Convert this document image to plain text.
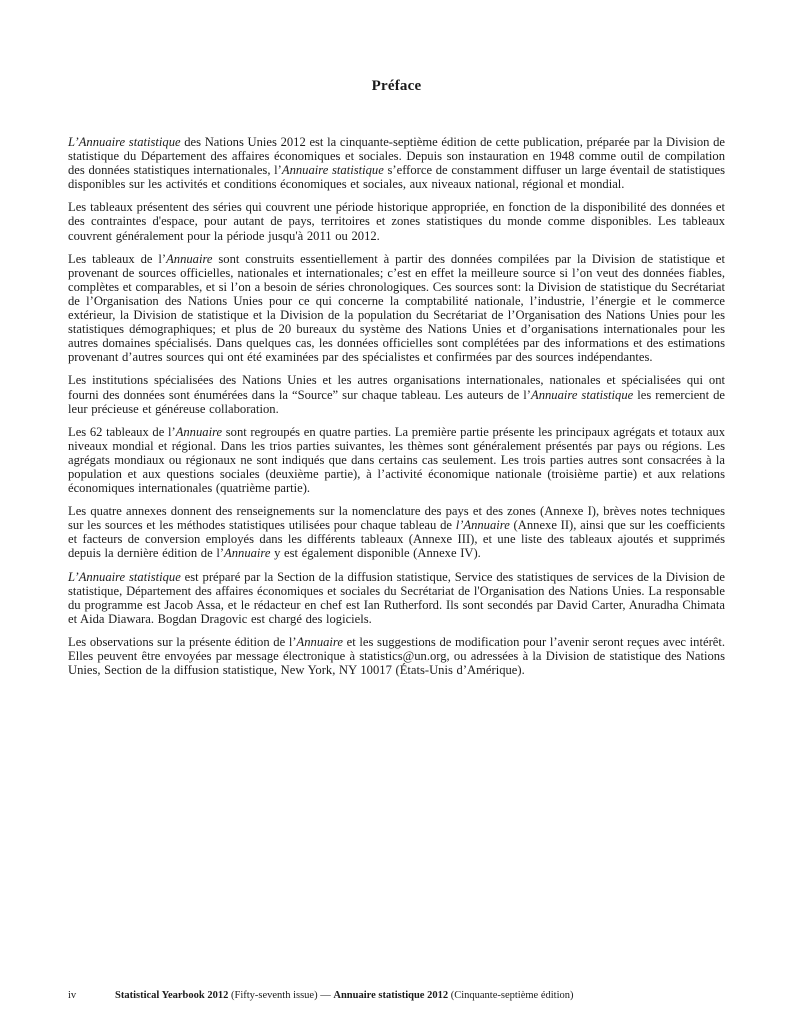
Préface

L’Annuaire statistique des Nations Unies 2012 est la cinquante-septième édition de cette publication, préparée par la Division de statistique du Département des affaires économiques et sociales. Depuis son instauration en 1948 comme outil de compilation des données statistiques internationales, l’Annuaire statistique s’efforce de constamment diffuser un large éventail de statistiques disponibles sur les activités et conditions économiques et sociales, aux niveaux national, régional et mondial.

Les tableaux présentent des séries qui couvrent une période historique appropriée, en fonction de la disponibilité des données et des contraintes d'espace, pour autant de pays, territoires et zones statistiques du monde comme disponibles. Les tableaux couvrent généralement pour la période jusqu'à 2011 ou 2012.

Les tableaux de l’Annuaire sont construits essentiellement à partir des données compilées par la Division de statistique et provenant de sources officielles, nationales et internationales; c’est en effet la meilleure source si l’on veut des données fiables, complètes et comparables, et si l’on a besoin de séries chronologiques. Ces sources sont: la Division de statistique du Secrétariat de l’Organisation des Nations Unies pour ce qui concerne la comptabilité nationale, l’industrie, l’énergie et le commerce extérieur, la Division de statistique et la Division de la population du Secrétariat de l’Organisation des Nations Unies pour les statistiques démographiques; et plus de 20 bureaux du système des Nations Unies et d’organisations internationales pour les autres domaines spécialisés. Dans quelques cas, les données officielles sont complétées par des informations et des estimations provenant d’autres sources qui ont été examinées par des spécialistes et confirmées par des sources indépendantes.

Les institutions spécialisées des Nations Unies et les autres organisations internationales, nationales et spécialisées qui ont fourni des données sont énumérées dans la “Source” sur chaque tableau. Les auteurs de l’Annuaire statistique les remercient de leur précieuse et généreuse collaboration.

Les 62 tableaux de l’Annuaire sont regroupés en quatre parties. La première partie présente les principaux agrégats et totaux aux niveaux mondial et régional. Dans les trios parties suivantes, les thèmes sont généralement présentés par pays ou régions. Les agrégats mondiaux ou régionaux ne sont indiqués que dans certains cas seulement. Les trois parties autres sont consacrées à la population et aux questions sociales (deuxième partie), à l’activité économique nationale (troisième partie) et aux relations économiques internationales (quatrième partie).

Les quatre annexes donnent des renseignements sur la nomenclature des pays et des zones (Annexe I), brèves notes techniques sur les sources et les méthodes statistiques utilisées pour chaque tableau de l’Annuaire (Annexe II), ainsi que sur les coefficients et facteurs de conversion employés dans les différents tableaux (Annexe III), et une liste des tableaux ajoutés et supprimés depuis la dernière édition de l’Annuaire y est également disponible (Annexe IV).

L’Annuaire statistique est préparé par la Section de la diffusion statistique, Service des statistiques de services de la Division de statistique, Département des affaires économiques et sociales du Secrétariat de l'Organisation des Nations Unies. La responsable du programme est Jacob Assa, et le rédacteur en chef est Ian Rutherford. Ils sont secondés par David Carter, Anuradha Chimata et Aida Diawara. Bogdan Dragovic est chargé des logiciels.

Les observations sur la présente édition de l’Annuaire et les suggestions de modification pour l’avenir seront reçues avec intérêt. Elles peuvent être envoyées par message électronique à statistics@un.org, ou adressées à la Division de statistique des Nations Unies, Section de la diffusion statistique, New York, NY 10017 (États-Unis d’Amérique).

iv	Statistical Yearbook 2012 (Fifty-seventh issue) — Annuaire statistique 2012 (Cinquante-septième édition)
